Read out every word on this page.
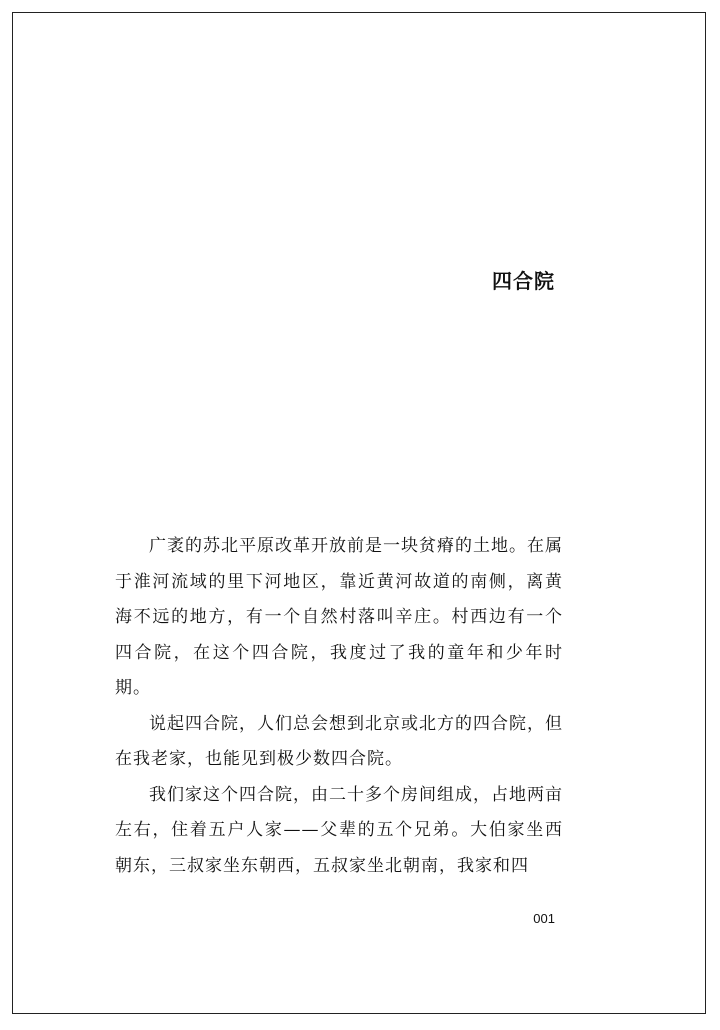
四合院

广袤的苏北平原改革开放前是一块贫瘠的土地。在属于淮河流域的里下河地区，靠近黄河故道的南侧，离黄海不远的地方，有一个自然村落叫辛庄。村西边有一个四合院，在这个四合院，我度过了我的童年和少年时期。

说起四合院，人们总会想到北京或北方的四合院，但在我老家，也能见到极少数四合院。

我们家这个四合院，由二十多个房间组成，占地两亩左右，住着五户人家——父辈的五个兄弟。大伯家坐西朝东，三叔家坐东朝西，五叔家坐北朝南，我家和四

001
